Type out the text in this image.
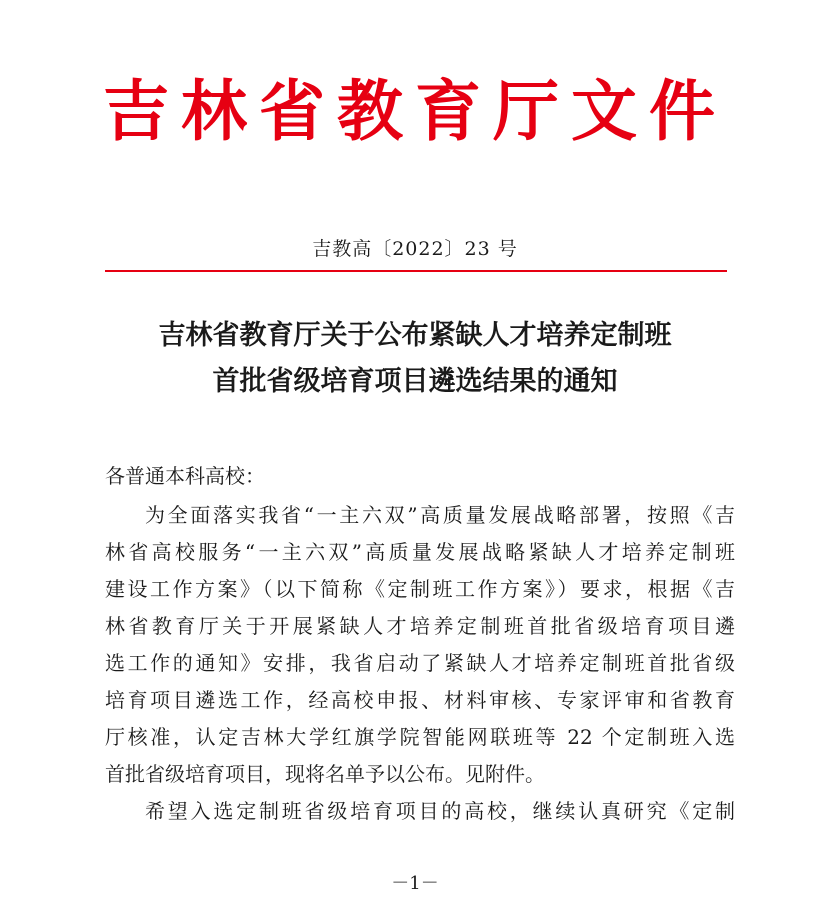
吉林省教育厅文件
吉教高〔2022〕23 号
吉林省教育厅关于公布紧缺人才培养定制班
首批省级培育项目遴选结果的通知
各普通本科高校：
为全面落实我省“一主六双”高质量发展战略部署，按照《吉
林省高校服务“一主六双”高质量发展战略紧缺人才培养定制班
建设工作方案》（以下简称《定制班工作方案》）要求，根据《吉
林省教育厅关于开展紧缺人才培养定制班首批省级培育项目遴
选工作的通知》安排，我省启动了紧缺人才培养定制班首批省级
培育项目遴选工作，经高校申报、材料审核、专家评审和省教育
厅核准，认定吉林大学红旗学院智能网联班等 22 个定制班入选
首批省级培育项目，现将名单予以公布。见附件。
希望入选定制班省级培育项目的高校，继续认真研究《定制
－1－
